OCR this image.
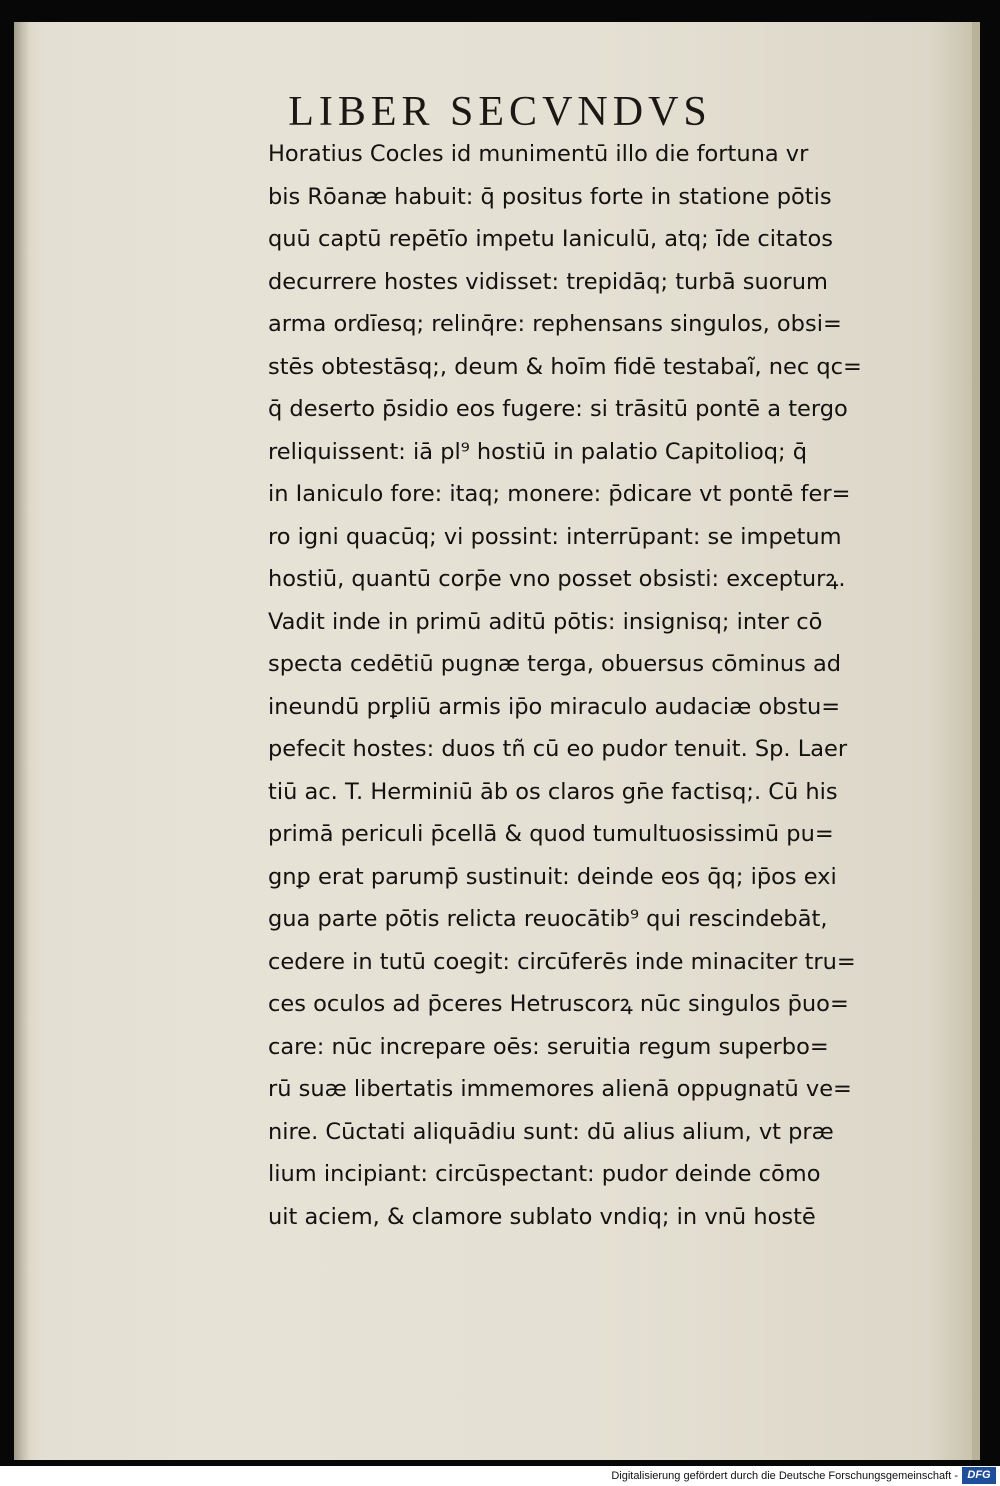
LIBER SECVNDVS
Horatius Cocles id munimentū illo die fortuna vr
bis Rōanæ habuit: q̄ positus forte in statione pōtis
quū captū repētīo impetu Ianiculū, atq; īde citatos
decurrere hostes vidisset: trepidāq; turbā suorum
arma ordīesq; relinq̄re: rephensans singulos, obsi=
stēs obtestāsq;, deum & hoīm fidē testabaĩ, nec qc=
q̄ deserto p̄sidio eos fugere: si trāsitū pontē a tergo
reliquissent: iā pl⁹ hostiū in palatio Capitolioq; q̄
in Ianiculo fore: itaq; monere: p̄dicare vt pontē fer=
ro igni quacūq; vi possint: interrūpant: se impetum
hostiū, quantū corp̄e vno posset obsisti: excepturꝝ.
Vadit inde in primū aditū pōtis: insignisq; inter cō
specta cedētiū pugnæ terga, obuersus cōminus ad
ineundū prꝑliū armis ip̄o miraculo audaciæ obstu=
pefecit hostes: duos tñ cū eo pudor tenuit. Sp. Laer
tiū ac. T. Herminiū āb os claros gn̄e factisq;. Cū his
primā periculi p̄cellā & quod tumultuosissimū pu=
gnꝑ erat parump̄ sustinuit: deinde eos q̄q; ip̄os exi
gua parte pōtis relicta reuocātib⁹ qui rescindebāt,
cedere in tutū coegit: circūferēs inde minaciter tru=
ces oculos ad p̄ceres Hetruscorꝝ nūc singulos p̄uo=
care: nūc increpare oēs: seruitia regum superbo=
rū suæ libertatis immemores alienā oppugnatū ve=
nire. Cūctati aliquādiu sunt: dū alius alium, vt præ
lium incipiant: circūspectant: pudor deinde cōmo
uit aciem, & clamore sublato vndiq; in vnū hostē
Digitalisierung gefördert durch die Deutsche Forschungsgemeinschaft - DFG
